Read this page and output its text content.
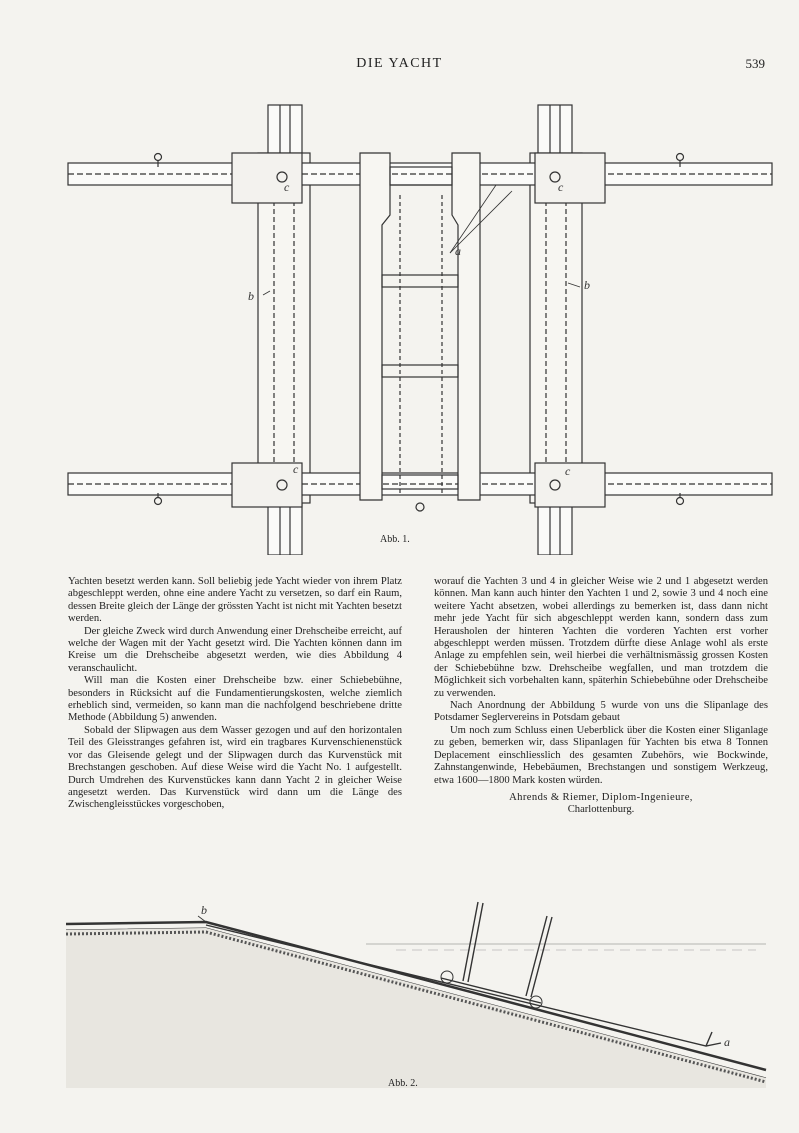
DIE YACHT	539
a
b
b
c	c
c	c
Abb. 1.

Yachten besetzt werden kann. Soll beliebig jede Yacht wieder von ihrem Platz abgeschleppt werden, ohne eine andere Yacht zu versetzen, so darf ein Raum, dessen Breite gleich der Länge der grössten Yacht ist nicht mit Yachten besetzt werden.

Der gleiche Zweck wird durch Anwendung einer Drehscheibe erreicht, auf welche der Wagen mit der Yacht gesetzt wird. Die Yachten können dann im Kreise um die Drehscheibe abgesetzt werden, wie dies Abbildung 4 veranschaulicht.

Will man die Kosten einer Drehscheibe bzw. einer Schiebebühne, besonders in Rücksicht auf die Fundamentierungskosten, welche ziemlich erheblich sind, vermeiden, so kann man die nachfolgend beschriebene dritte Methode (Abbildung 5) anwenden.

Sobald der Slipwagen aus dem Wasser gezogen und auf den horizontalen Teil des Gleisstranges gefahren ist, wird ein tragbares Kurvenschienenstück vor das Gleisende gelegt und der Slipwagen durch das Kurvenstück mit Brechstangen geschoben. Auf diese Weise wird die Yacht No. 1 aufgestellt. Durch Umdrehen des Kurvenstückes kann dann Yacht 2 in gleicher Weise angesetzt werden. Das Kurvenstück wird dann um die Länge des Zwischengleisstückes vorgeschoben,

worauf die Yachten 3 und 4 in gleicher Weise wie 2 und 1 abgesetzt werden können. Man kann auch hinter den Yachten 1 und 2, sowie 3 und 4 noch eine weitere Yacht absetzen, wobei allerdings zu bemerken ist, dass dann nicht mehr jede Yacht für sich abgeschleppt werden kann, sondern dass zum Herausholen der hinteren Yachten die vorderen Yachten erst vorher abgeschleppt werden müssen. Trotzdem dürfte diese Anlage wohl als erste Anlage zu empfehlen sein, weil hierbei die verhältnismässig grossen Kosten der Schiebebühne bzw. Drehscheibe wegfallen, und man trotzdem die Möglichkeit sich vorbehalten kann, späterhin Schiebebühne oder Drehscheibe zu verwenden.

Nach Anordnung der Abbildung 5 wurde von uns die Slipanlage des Potsdamer Seglervereins in Potsdam gebaut

Um noch zum Schluss einen Ueberblick über die Kosten einer Sliganlage zu geben, bemerken wir, dass Slipanlagen für Yachten bis etwa 8 Tonnen Deplacement einschliesslich des gesamten Zubehörs, wie Bockwinde, Zahnstangenwinde, Hebebäumen, Brechstangen und sonstigem Werkzeug, etwa 1600—1800 Mark kosten würden.

Ahrends & Riemer, Diplom-Ingenieure,
Charlottenburg.
b
a
Abb. 2.
